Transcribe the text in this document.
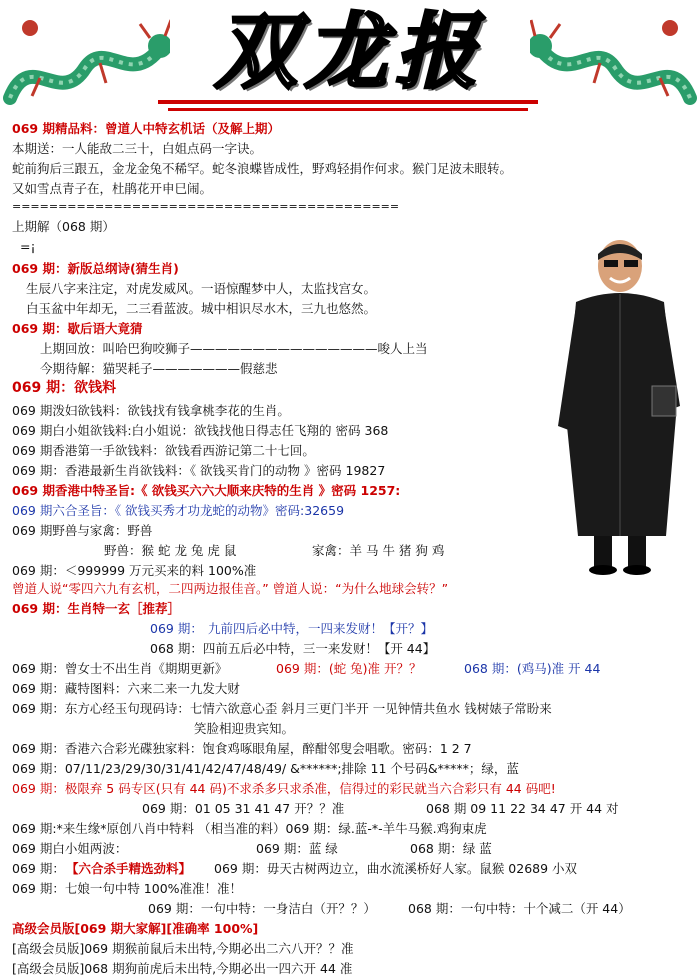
双龙报
069 期精品料：曾道人中特玄机话（及解上期）
本期送：一人能敌二三十，白姐点码一字诀。
蛇前狗后三跟五，金龙金兔不稀罕。蛇冬浪蝶皆成性，野鸡轻捐作何求。猴门足波未眼转。
又如雪点青子在，杜鹃花开申巳闹。
==========================================
上期解（068 期）
=¡
069 期：新版总纲诗(猜生肖)
生辰八字来注定，对虎发威风。一语惊醒梦中人，太监找宫女。
白玉盆中年却无，二三看蓝波。城中相识尽水木，三九也悠然。
069 期：歇后语大竟猜
上期回放：叫哈巴狗咬狮子———————————————唆人上当
今期待解：猫哭耗子———————假慈悲
069 期：欲钱料
069 期泼妇欲钱料：欲钱找有钱拿桃李花的生肖。
069 期白小姐欲钱料:白小姐说：欲钱找他日得志任飞翔的 密码 368
069 期香港第一手欲钱料：欲钱看西游记第二十七回。
069 期：香港最新生肖欲钱料：《 欲钱买肯门的动物 》密码 19827
069 期香港中特圣旨:《 欲钱买六六大顺来庆特的生肖 》密码 1257:
069 期六合圣旨：《 欲钱买秀才功龙蛇的动物》密码:32659
069 期野兽与家禽：野兽
野兽：猴 蛇 龙 兔 虎 鼠	家禽：羊 马 牛 猪 狗 鸡
069 期：＜999999 万元买来的料 100%准
曾道人说“零四六九有玄机，二四两边报佳音。” 曾道人说：“为什么地球会转？”
069 期：生肖特一玄［推荐］
069 期： 九前四后必中特，一四来发财！【开？】
068 期：四前五后必中特，三一来发财！【开 44】
069 期：曾女士不出生肖《期期更新》	069 期：(蛇 兔)准 开？？	068 期：(鸡马)准 开 44
069 期：藏特图料：六来二来一九发大财
069 期：东方心经玉句现码诗：七情六欲意心歪 斜月三更门半开 一见钟情共鱼水 钱树婊子常盼来
笑脸相迎贵宾知。
069 期：香港六合彩光碟独家料：饱食鸡啄眼角屋，醉酣邻叟会唱歌。密码：1 2 7
069 期：07/11/23/29/30/31/41/42/47/48/49/ &******;排除 11 个号码&*****；绿，蓝
069 期：极限弃 5 码专区(只有 44 码)不求杀多只求杀准，信得过的彩民就当六合彩只有 44 码吧!
069 期：01 05 31 41 47 开？？准	068 期 09 11 22 34 47 开 44 对
069 期:*来生缘*原创八肖中特料 （相当准的料）069 期：绿.蓝-*-羊牛马猴.鸡狗束虎
069 期白小姐两波：	069 期：蓝 绿	068 期：绿 蓝
069 期： 【六合杀手精选劲料】 069 期：毋天古树两边立，曲水流溪桥好人家。鼠猴 02689 小双
069 期：七娘一句中特 100%准准！准！
069 期：一句中特：一身洁白（开？？）	068 期：一句中特：十个减二（开 44）
高级会员版[069 期大家解][准确率 100%]
[高级会员版]069 期猴前鼠后未出特,今期必出二六八开？？准
[高级会员版]068 期狗前虎后未出特,今期必出一四六开 44 准
